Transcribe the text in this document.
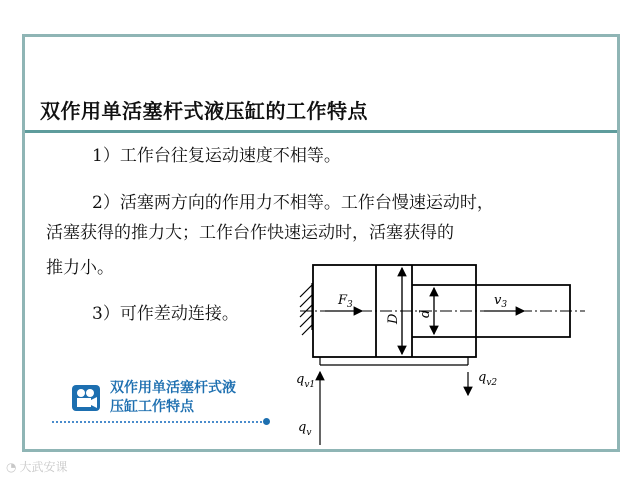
双作用单活塞杆式液压缸的工作特点
1）工作台往复运动速度不相等。
2）活塞两方向的作用力不相等。工作台慢速运动时，
活塞获得的推力大；工作台作快速运动时，活塞获得的
推力小。
3）可作差动连接。
$F_3$	$v_3$
D d
$q_{v1}$	$q_{v2}$
$q_v$
双作用单活塞杆式液
压缸工作特点
◔ 大武安课
